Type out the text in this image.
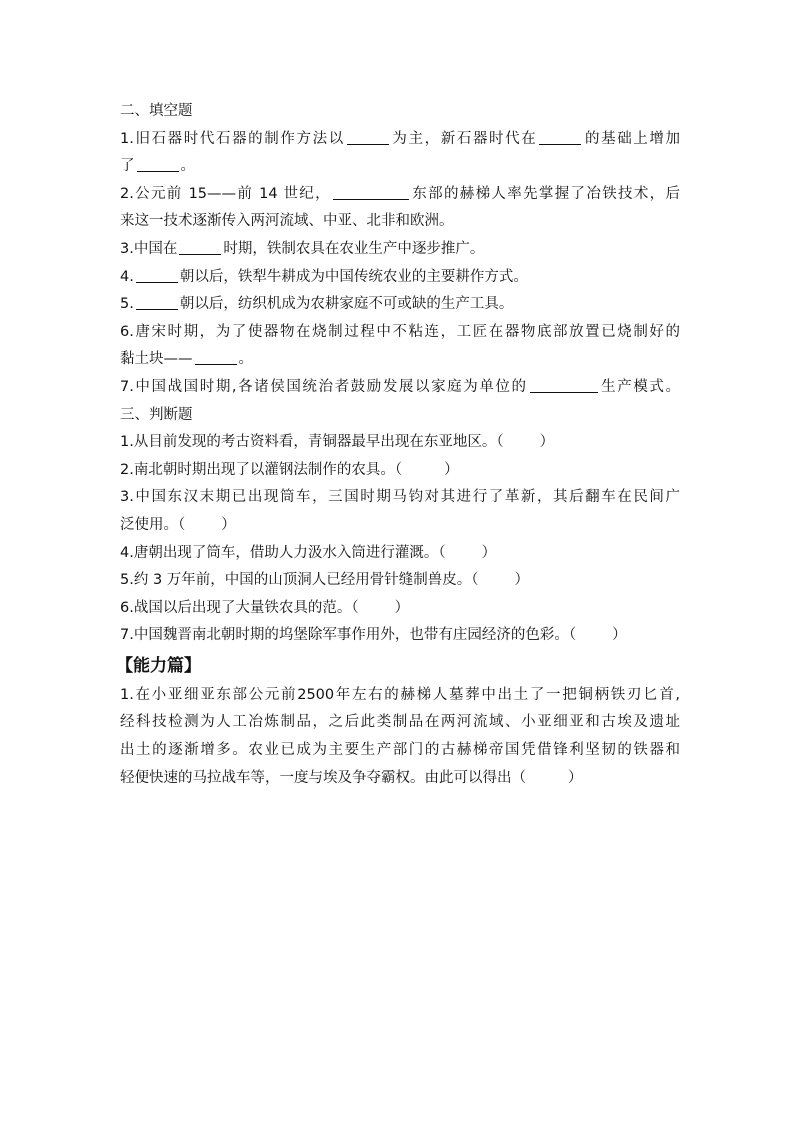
二、填空题
1.旧石器时代石器的制作方法以	为主，新石器时代在	的基础上增加
了	。
2.公元前 15——前 14 世纪，	东部的赫梯人率先掌握了冶铁技术，后
来这一技术逐渐传入两河流域、中亚、北非和欧洲。
3.中国在	时期，铁制农具在农业生产中逐步推广。
4.	朝以后，铁犁牛耕成为中国传统农业的主要耕作方式。
5.	朝以后，纺织机成为农耕家庭不可或缺的生产工具。
6.唐宋时期，为了使器物在烧制过程中不粘连，工匠在器物底部放置已烧制好的
黏土块——	。
7.中国战国时期,各诸侯国统治者鼓励发展以家庭为单位的	生产模式。
三、判断题
1.从目前发现的考古资料看，青铜器最早出现在东亚地区。（ ）
2.南北朝时期出现了以灌钢法制作的农具。（	）
3.中国东汉末期已出现筒车，三国时期马钧对其进行了革新，其后翻车在民间广
泛使用。（ ）
4.唐朝出现了筒车，借助人力汲水入筒进行灌溉。（ ）
5.约 3 万年前，中国的山顶洞人已经用骨针缝制兽皮。（ ）
6.战国以后出现了大量铁农具的范。（ ）
7.中国魏晋南北朝时期的坞堡除军事作用外，也带有庄园经济的色彩。（ ）
【能力篇】
1.在小亚细亚东部公元前2500年左右的赫梯人墓葬中出土了一把铜柄铁刃匕首,
经科技检测为人工冶炼制品，之后此类制品在两河流域、小亚细亚和古埃及遗址
出土的逐渐增多。农业已成为主要生产部门的古赫梯帝国凭借锋利坚韧的铁器和
轻便快速的马拉战车等，一度与埃及争夺霸权。由此可以得出（	）
